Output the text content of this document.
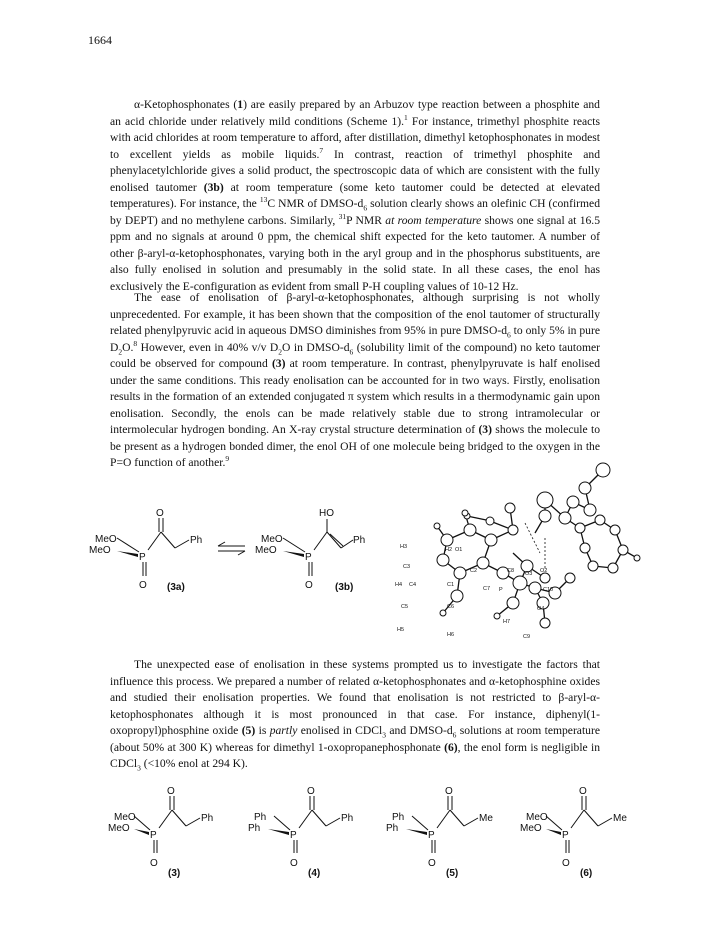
1664

α-Ketophosphonates (1) are easily prepared by an Arbuzov type reaction between a phosphite and an acid chloride under relatively mild conditions (Scheme 1).$^1$ For instance, trimethyl phosphite reacts with acid chlorides at room temperature to afford, after distillation, dimethyl ketophosphonates in modest to excellent yields as mobile liquids.$^7$ In contrast, reaction of trimethyl phosphite and phenylacetylchloride gives a solid product, the spectroscopic data of which are consistent with the fully enolised tautomer (3b) at room temperature (some keto tautomer could be detected at elevated temperatures). For instance, the $^{13}$C NMR of DMSO-$d_6$ solution clearly shows an olefinic CH (confirmed by DEPT) and no methylene carbons. Similarly, $^{31}$P NMR at room temperature shows one signal at 16.5 ppm and no signals at around 0 ppm, the chemical shift expected for the keto tautomer. A number of other β-aryl-α-ketophosphonates, varying both in the aryl group and in the phosphorus substituents, are also fully enolised in solution and presumably in the solid state. In all these cases, the enol has exclusively the E-configuration as evident from small P-H coupling values of 10-12 Hz.

The ease of enolisation of β-aryl-α-ketophosphonates, although surprising is not wholly unprecedented. For example, it has been shown that the composition of the enol tautomer of structurally related phenylpyruvic acid in aqueous DMSO diminishes from 95% in pure DMSO-$d_6$ to only 5% in pure $D_2O.^8$ However, even in 40% v/v $D_2O$ in DMSO-$d_6$ (solubility limit of the compound) no keto tautomer could be observed for compound (3) at room temperature. In contrast, phenylpyruvate is half enolised under the same conditions. This ready enolisation can be accounted for in two ways. Firstly, enolisation results in the formation of an extended conjugated π system which results in a thermodynamic gain upon enolisation. Secondly, the enols can be made relatively stable due to strong intramolecular or intermolecular hydrogen bonding. An X-ray crystal structure determination of (3) shows the molecule to be present as a hydrogen bonded dimer, the enol OH of one molecule being bridged to the oxygen in the P=O function of another.$^9$

MeO
MeO
P
O
O
Ph
(3a)
MeO
MeO
P
O
HO
Ph
(3b)
H3	H2 O1
C3
C2	C8 O3 O2
H4 C4	C1
C7 P	C10
C5	C6	O4
H7
H5
H6	C9

The unexpected ease of enolisation in these systems prompted us to investigate the factors that influence this process. We prepared a number of related α-ketophosphonates and α-ketophosphine oxides and studied their enolisation properties. We found that enolisation is not restricted to β-aryl-α-ketophosphonates although it is most pronounced in that case. For instance, diphenyl(1-oxopropyl)phosphine oxide (5) is partly enolised in CDCl$_3$ and DMSO-$d_6$ solutions at room temperature (about 50% at 300 K) whereas for dimethyl 1-oxopropanephosphonate (6), the enol form is negligible in CDCl$_3$ (<10% enol at 294 K).

MeO
MeO
P
O
O
Ph
(3)
Ph
Ph
P
O
O
Ph
(4)
Ph
Ph
P
O
O
Me
(5)
MeO
MeO
P
O
O
Me
(6)
